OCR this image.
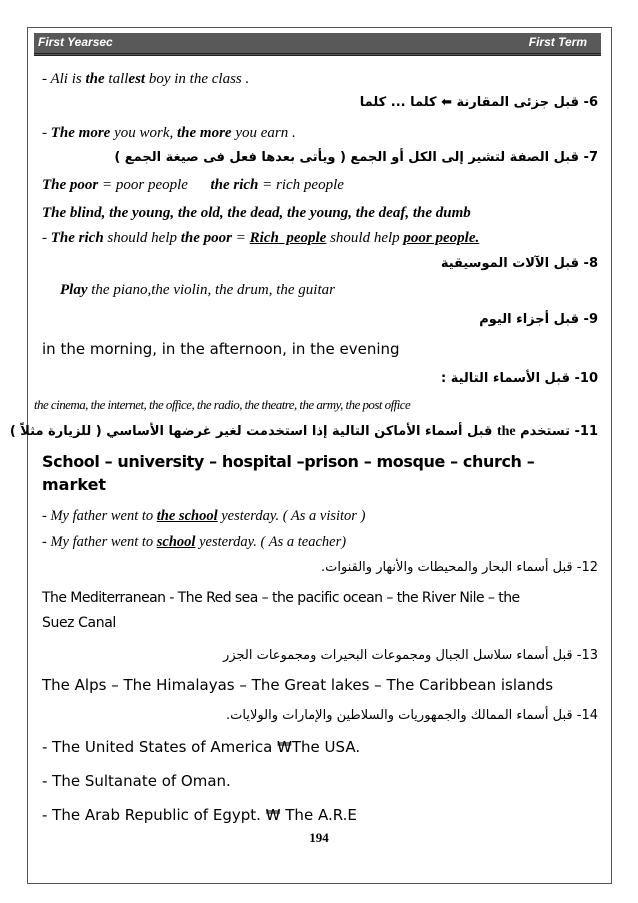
First Yearsec	First Term
- Ali is the tallest boy in the class .
6- قبل جزئى المقارنة ⬅ كلما ... كلما
- The more you work, the more you earn .
7- قبل الصفة لتشير إلى الكل أو الجمع ( ويأتى بعدها فعل فى صيغة الجمع )
The poor = poor people      the rich = rich people
The blind, the young, the old, the dead, the young, the deaf, the dumb
- The rich should help the poor = Rich  people should help poor people.
8- قبل الآلات الموسيقية
Play the piano,the violin, the drum, the guitar
9- قبل أجزاء اليوم
in the morning, in the afternoon, in the evening
10- قبل الأسماء التالية :
the cinema, the internet, the office, the radio, the theatre, the army, the post office
11- تستخدم the قبل أسماء الأماكن التالية إذا استخدمت لغير غرضها الأساسي ( للزيارة مثلاً )
School – university – hospital –prison – mosque – church –
market
- My father went to the school yesterday. ( As a visitor )
- My father went to school yesterday. ( As a teacher)
12- قبل أسماء البحار والمحيطات والأنهار والقنوات.
The Mediterranean - The Red sea – the pacific ocean – the River Nile – the
Suez Canal
13- قبل أسماء سلاسل الجبال ومجموعات البحيرات ومجموعات الجزر
The Alps – The Himalayas – The Great lakes – The Caribbean islands
14- قبل أسماء الممالك والجمهوريات والسلاطين والإمارات والولايات.
- The United States of America ₩The USA.
- The Sultanate of Oman.
- The Arab Republic of Egypt. ₩ The A.R.E
194
